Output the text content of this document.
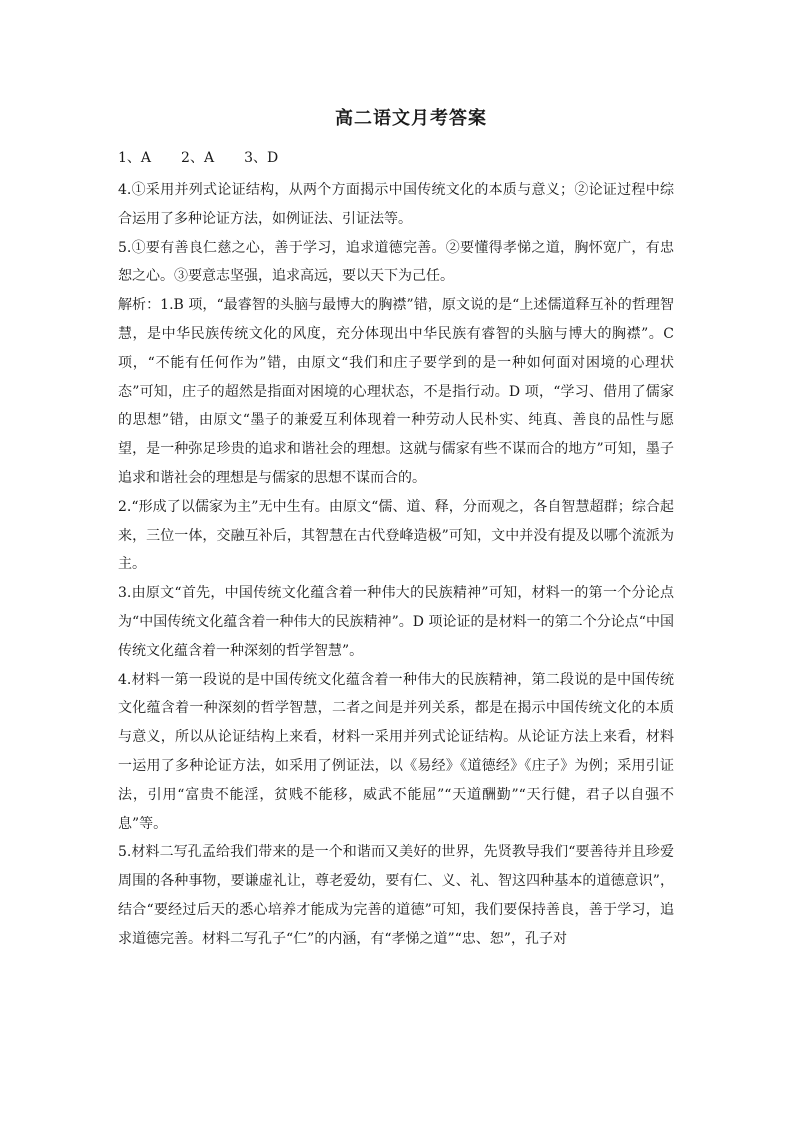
高二语文月考答案

1、A 2、A 3、D

4.①采用并列式论证结构，从两个方面揭示中国传统文化的本质与意义；②论证过程中综合运用了多种论证方法，如例证法、引证法等。

5.①要有善良仁慈之心，善于学习，追求道德完善。②要懂得孝悌之道，胸怀宽广，有忠恕之心。③要意志坚强，追求高远，要以天下为己任。

解析：1.B 项，“最睿智的头脑与最博大的胸襟”错，原文说的是“上述儒道释互补的哲理智慧，是中华民族传统文化的风度，充分体现出中华民族有睿智的头脑与博大的胸襟”。C 项，“不能有任何作为”错，由原文“我们和庄子要学到的是一种如何面对困境的心理状态”可知，庄子的超然是指面对困境的心理状态，不是指行动。D 项，“学习、借用了儒家的思想”错，由原文“墨子的兼爱互利体现着一种劳动人民朴实、纯真、善良的品性与愿望，是一种弥足珍贵的追求和谐社会的理想。这就与儒家有些不谋而合的地方”可知，墨子追求和谐社会的理想是与儒家的思想不谋而合的。

2.“形成了以儒家为主”无中生有。由原文“儒、道、释，分而观之，各自智慧超群；综合起来，三位一体，交融互补后，其智慧在古代登峰造极”可知，文中并没有提及以哪个流派为主。

3.由原文“首先，中国传统文化蕴含着一种伟大的民族精神”可知，材料一的第一个分论点为“中国传统文化蕴含着一种伟大的民族精神”。D 项论证的是材料一的第二个分论点“中国传统文化蕴含着一种深刻的哲学智慧”。

4.材料一第一段说的是中国传统文化蕴含着一种伟大的民族精神，第二段说的是中国传统文化蕴含着一种深刻的哲学智慧，二者之间是并列关系，都是在揭示中国传统文化的本质与意义，所以从论证结构上来看，材料一采用并列式论证结构。从论证方法上来看，材料一运用了多种论证方法，如采用了例证法，以《易经》《道德经》《庄子》为例；采用引证法，引用“富贵不能淫，贫贱不能移，威武不能屈”“天道酬勤”“天行健，君子以自强不息”等。

5.材料二写孔孟给我们带来的是一个和谐而又美好的世界，先贤教导我们“要善待并且珍爱周围的各种事物，要谦虚礼让，尊老爱幼，要有仁、义、礼、智这四种基本的道德意识”，结合“要经过后天的悉心培养才能成为完善的道德”可知，我们要保持善良，善于学习，追求道德完善。材料二写孔子“仁”的内涵，有“孝悌之道”“忠、恕”，孔子对
